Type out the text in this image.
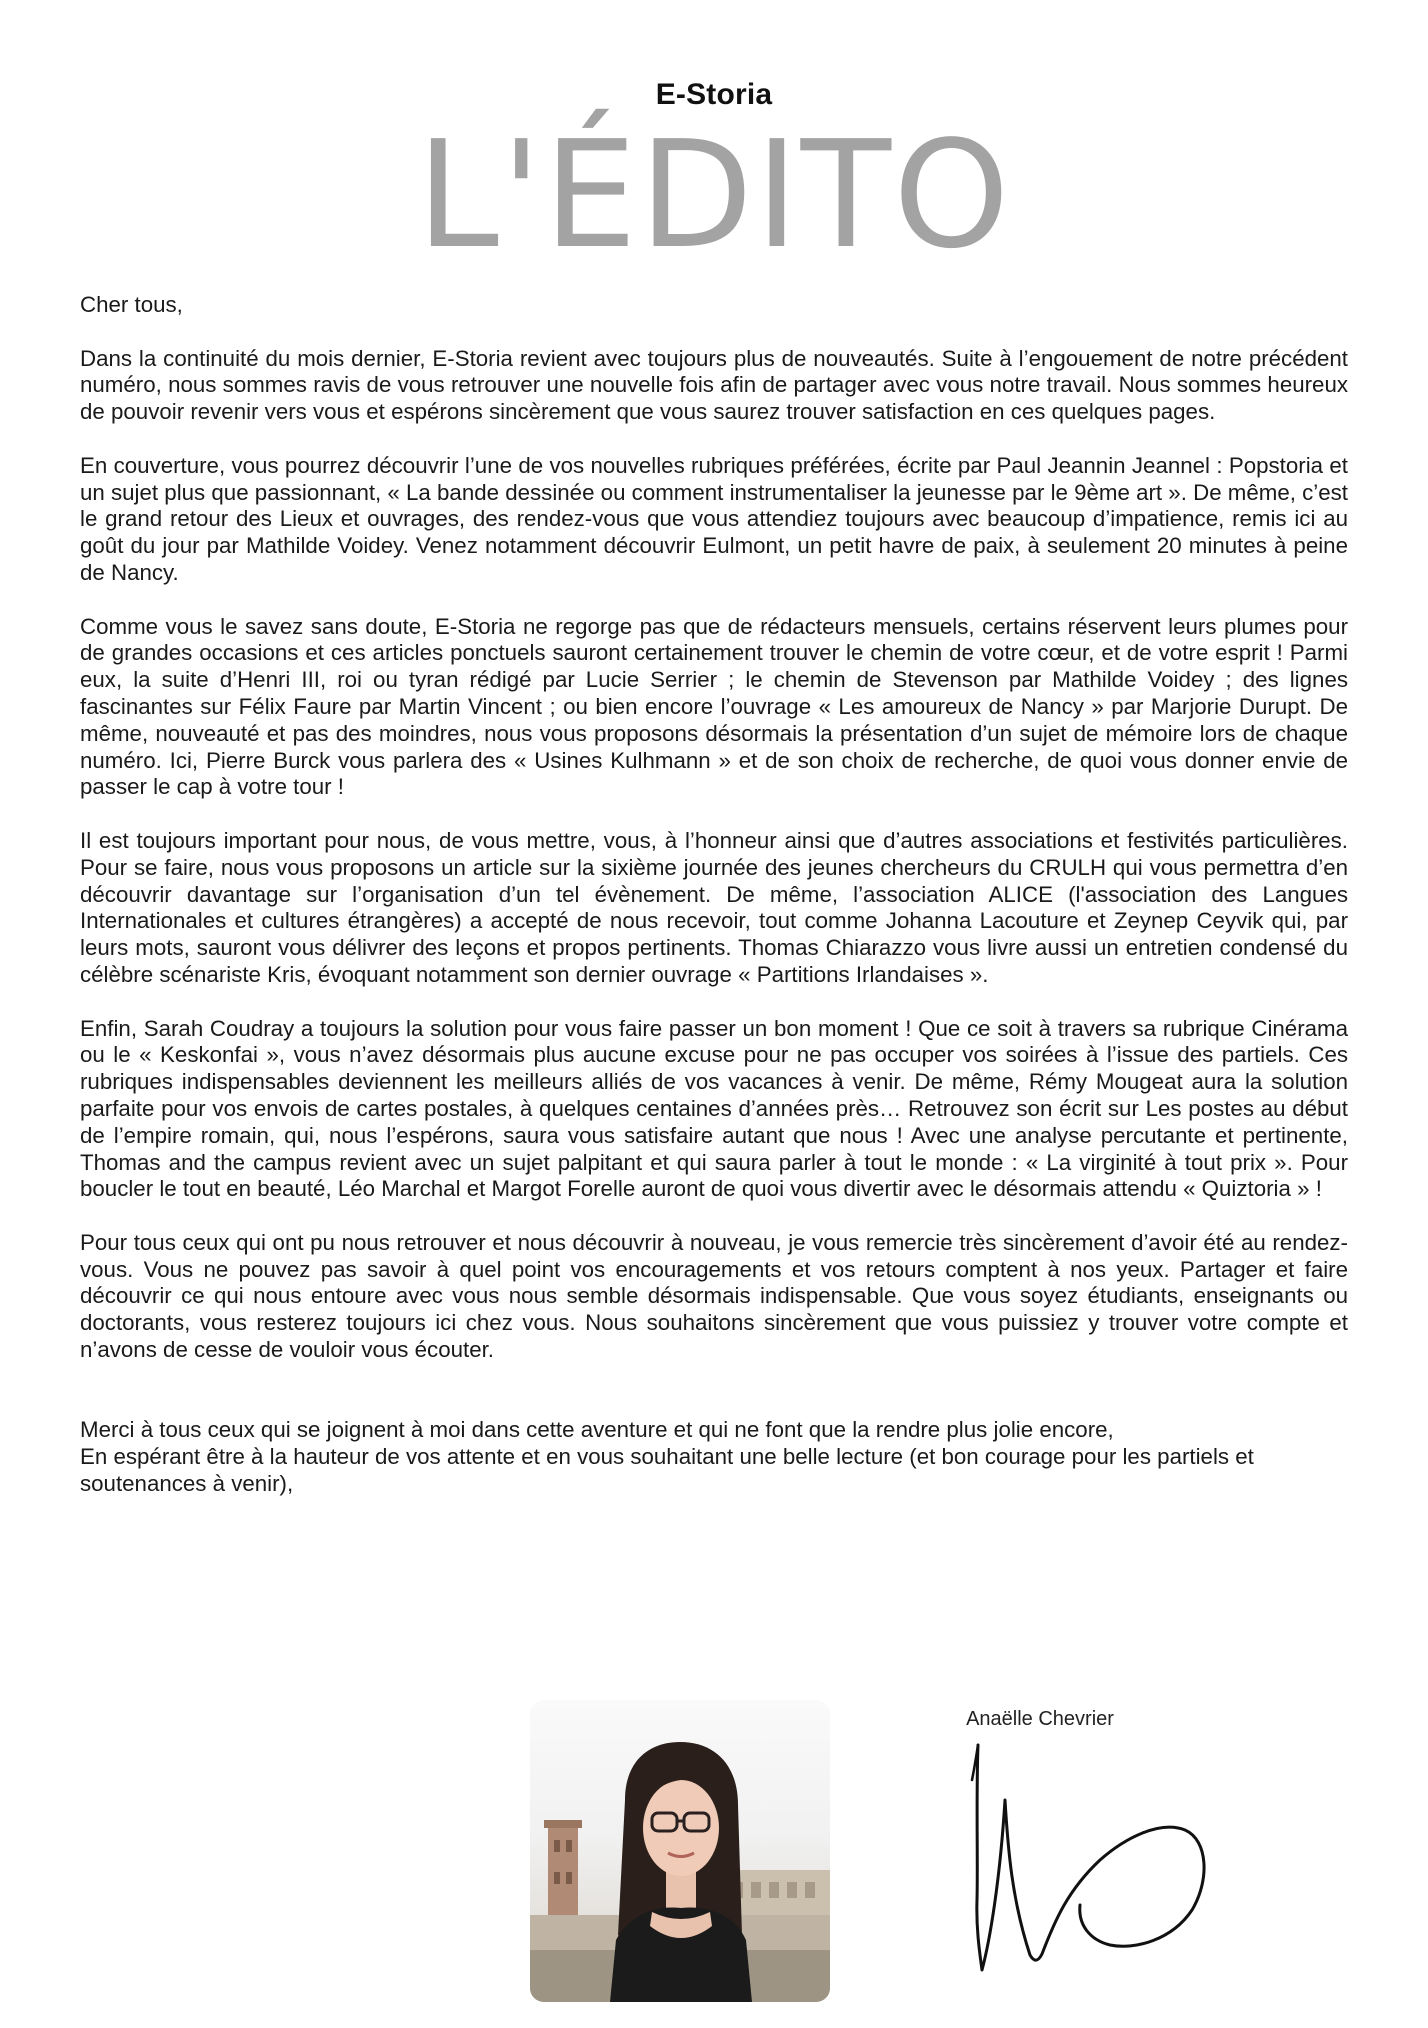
E-Storia
L'ÉDITO

Cher tous,

Dans la continuité du mois dernier, E-Storia revient avec toujours plus de nouveautés. Suite à l’engouement de notre précédent numéro, nous sommes ravis de vous retrouver une nouvelle fois afin de partager avec vous notre travail. Nous sommes heureux de pouvoir revenir vers vous et espérons sincèrement que vous saurez trouver satisfaction en ces quelques pages.

En couverture, vous pourrez découvrir l’une de vos nouvelles rubriques préférées, écrite par Paul Jeannin Jeannel : Popstoria et un sujet plus que passionnant, « La bande dessinée ou comment instrumentaliser la jeunesse par le 9ème art ». De même, c’est le grand retour des Lieux et ouvrages, des rendez-vous que vous attendiez toujours avec beaucoup d’impatience, remis ici au goût du jour par Mathilde Voidey. Venez notamment découvrir Eulmont, un petit havre de paix, à seulement 20 minutes à peine de Nancy.

Comme vous le savez sans doute, E-Storia ne regorge pas que de rédacteurs mensuels, certains réservent leurs plumes pour de grandes occasions et ces articles ponctuels sauront certainement trouver le chemin de votre cœur, et de votre esprit ! Parmi eux, la suite d’Henri III, roi ou tyran rédigé par Lucie Serrier ; le chemin de Stevenson par Mathilde Voidey ; des lignes fascinantes sur Félix Faure par Martin Vincent ; ou bien encore l’ouvrage « Les amoureux de Nancy » par Marjorie Durupt. De même, nouveauté et pas des moindres, nous vous proposons désormais la présentation d’un sujet de mémoire lors de chaque numéro. Ici, Pierre Burck vous parlera des « Usines Kulhmann » et de son choix de recherche, de quoi vous donner envie de passer le cap à votre tour !

Il est toujours important pour nous, de vous mettre, vous, à l’honneur ainsi que d’autres associations et festivités particulières. Pour se faire, nous vous proposons un article sur la sixième journée des jeunes chercheurs du CRULH qui vous permettra d’en découvrir davantage sur l’organisation d’un tel évènement. De même, l’association ALICE (l'association des Langues Internationales et cultures étrangères) a accepté de nous recevoir, tout comme Johanna Lacouture et Zeynep Ceyvik qui, par leurs mots, sauront vous délivrer des leçons et propos pertinents. Thomas Chiarazzo vous livre aussi un entretien condensé du célèbre scénariste Kris, évoquant notamment son dernier ouvrage « Partitions Irlandaises ».

Enfin, Sarah Coudray a toujours la solution pour vous faire passer un bon moment ! Que ce soit à travers sa rubrique Cinérama ou le « Keskonfai », vous n’avez désormais plus aucune excuse pour ne pas occuper vos soirées à l’issue des partiels. Ces rubriques indispensables deviennent les meilleurs alliés de vos vacances à venir. De même, Rémy Mougeat aura la solution parfaite pour vos envois de cartes postales, à quelques centaines d’années près… Retrouvez son écrit sur Les postes au début de l’empire romain, qui, nous l’espérons, saura vous satisfaire autant que nous ! Avec une analyse percutante et pertinente, Thomas and the campus revient avec un sujet palpitant et qui saura parler à tout le monde : « La virginité à tout prix ». Pour boucler le tout en beauté, Léo Marchal et Margot Forelle auront de quoi vous divertir avec le désormais attendu « Quiztoria » !

Pour tous ceux qui ont pu nous retrouver et nous découvrir à nouveau, je vous remercie très sincèrement d’avoir été au rendez-vous. Vous ne pouvez pas savoir à quel point vos encouragements et vos retours comptent à nos yeux. Partager et faire découvrir ce qui nous entoure avec vous nous semble désormais indispensable. Que vous soyez étudiants, enseignants ou doctorants, vous resterez toujours ici chez vous. Nous souhaitons sincèrement que vous puissiez y trouver votre compte et n’avons de cesse de vouloir vous écouter.

Merci à tous ceux qui se joignent à moi dans cette aventure et qui ne font que la rendre plus jolie encore,

En espérant être à la hauteur de vos attente et en vous souhaitant une belle lecture (et bon courage pour les partiels et soutenances à venir),

Anaëlle Chevrier
